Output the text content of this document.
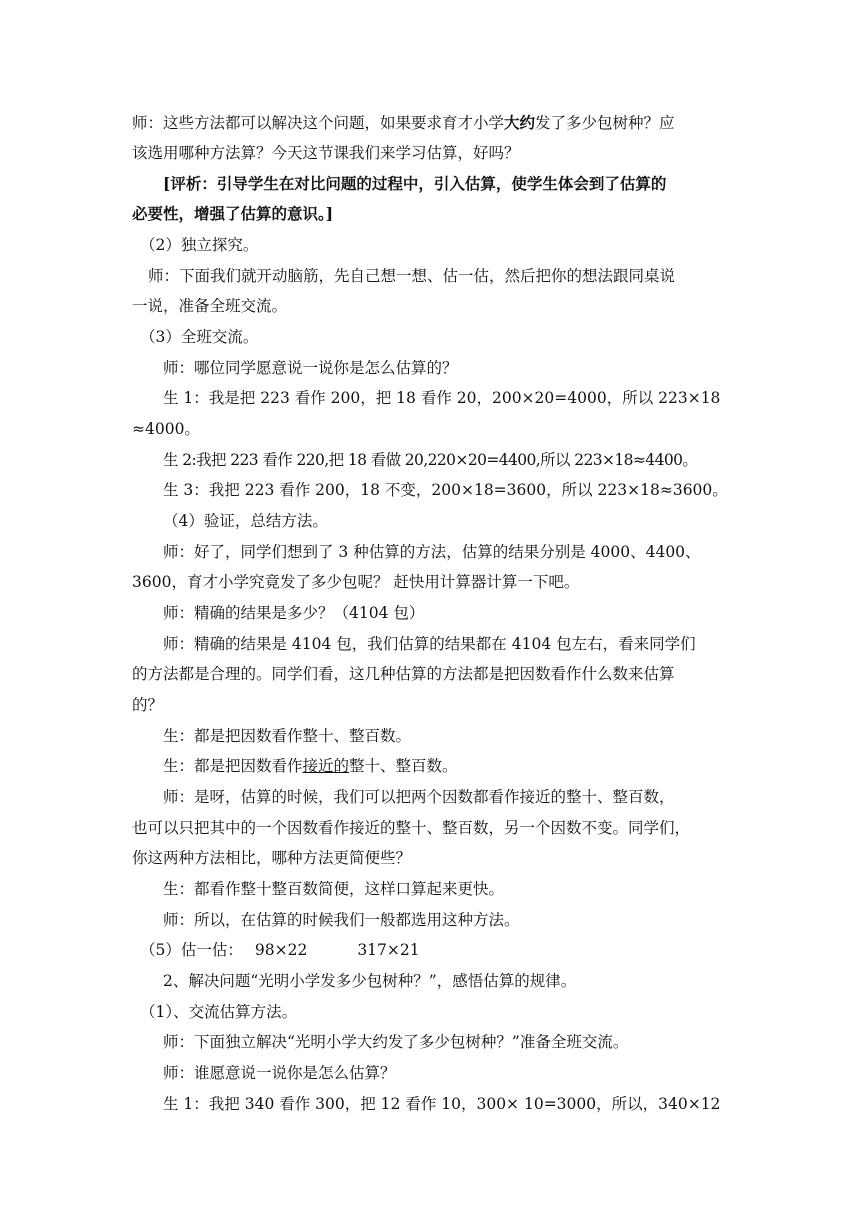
师：这些方法都可以解决这个问题，如果要求育才小学大约发了多少包树种？应
该选用哪种方法算？今天这节课我们来学习估算，好吗？
[评析：引导学生在对比问题的过程中，引入估算，使学生体会到了估算的
必要性，增强了估算的意识。]
（2）独立探究。
师：下面我们就开动脑筋，先自己想一想、估一估，然后把你的想法跟同桌说
一说，准备全班交流。
（3）全班交流。
师：哪位同学愿意说一说你是怎么估算的？
生 1：我是把 223 看作 200，把 18 看作 20，200×20=4000，所以 223×18
≈4000。
生 2:我把 223 看作 220,把 18 看做 20,220×20=4400,所以 223×18≈4400。
生 3：我把 223 看作 200，18 不变，200×18=3600，所以 223×18≈3600。
（4）验证，总结方法。
师：好了，同学们想到了 3 种估算的方法，估算的结果分别是 4000、4400、
3600，育才小学究竟发了多少包呢？ 赶快用计算器计算一下吧。
师：精确的结果是多少？（4104 包）
师：精确的结果是 4104 包，我们估算的结果都在 4104 包左右，看来同学们
的方法都是合理的。同学们看，这几种估算的方法都是把因数看作什么数来估算
的？
生：都是把因数看作整十、整百数。
生：都是把因数看作接近的整十、整百数。
师：是呀，估算的时候，我们可以把两个因数都看作接近的整十、整百数，
也可以只把其中的一个因数看作接近的整十、整百数，另一个因数不变。同学们，
你这两种方法相比，哪种方法更简便些？
生：都看作整十整百数简便，这样口算起来更快。
师：所以，在估算的时候我们一般都选用这种方法。
（5）估一估： 98×22	317×21
2、解决问题“光明小学发多少包树种？”，感悟估算的规律。
（1）、交流估算方法。
师：下面独立解决“光明小学大约发了多少包树种？”准备全班交流。
师：谁愿意说一说你是怎么估算？
生 1：我把 340 看作 300，把 12 看作 10，300× 10=3000，所以，340×12
